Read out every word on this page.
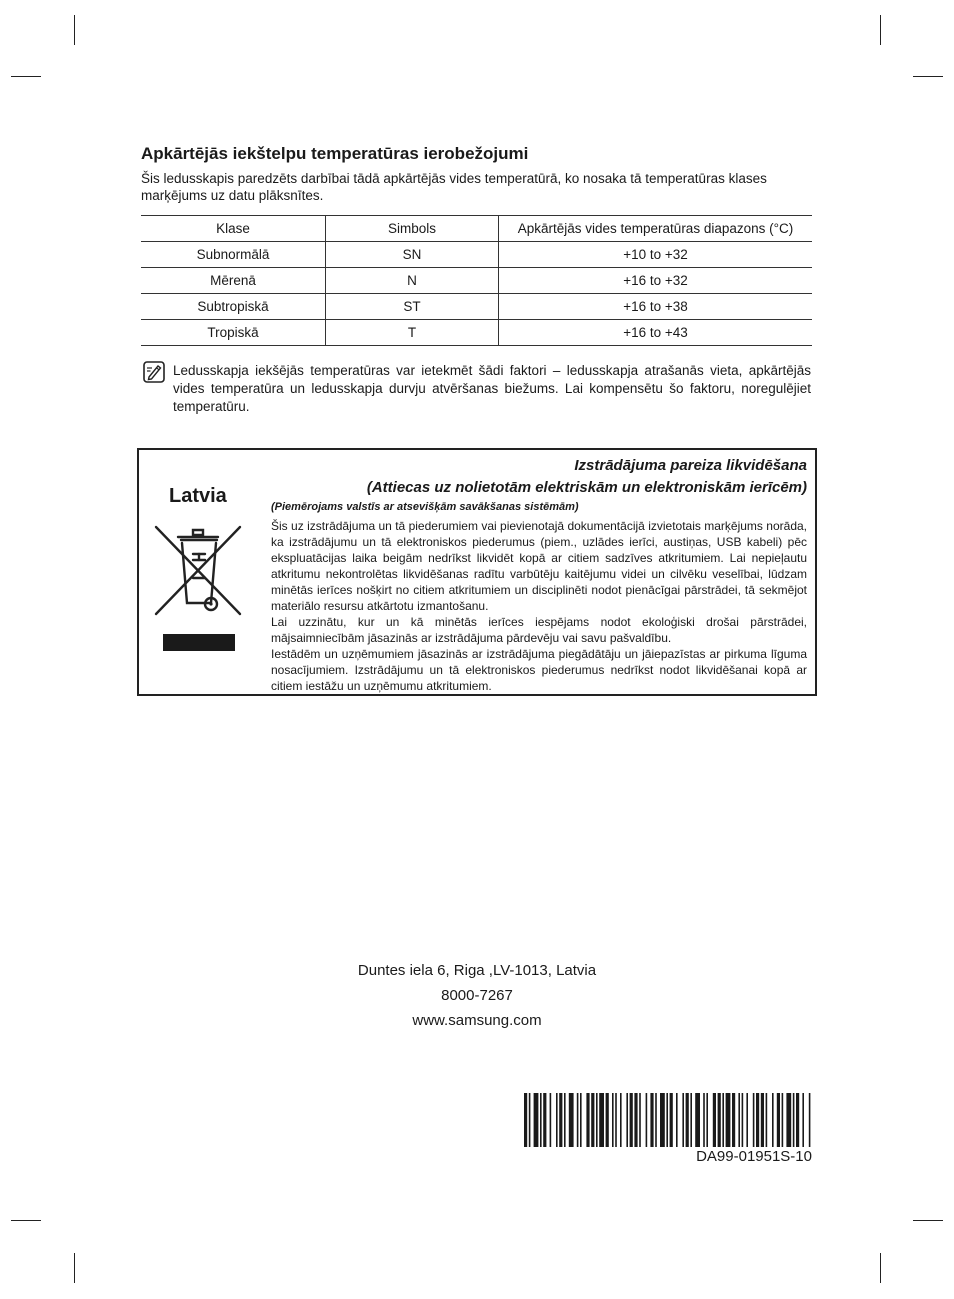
Apkārtējās iekštelpu temperatūras ierobežojumi
Šis ledusskapis paredzēts darbībai tādā apkārtējās vides temperatūrā, ko nosaka tā temperatūras klases marķējums uz datu plāksnītes.
Klase	Simbols	Apkārtējās vides temperatūras diapazons (°C)
Subnormālā	SN	+10 to +32
Mērenā	N	+16 to +32
Subtropiskā	ST	+16 to +38
Tropiskā	T	+16 to +43
Ledusskapja iekšējās temperatūras var ietekmēt šādi faktori – ledusskapja atrašanās vieta, apkārtējās vides temperatūra un ledusskapja durvju atvēršanas biežums. Lai kompensētu šo faktoru, noregulējiet temperatūru.
Latvia
Izstrādājuma pareiza likvidēšana
(Attiecas uz nolietotām elektriskām un elektroniskām ierīcēm)
(Piemērojams valstīs ar atsevišķām savākšanas sistēmām)

Šis uz izstrādājuma un tā piederumiem vai pievienotajā dokumentācijā izvietotais marķējums norāda, ka izstrādājumu un tā elektroniskos piederumus (piem., uzlādes ierīci, austiņas, USB kabeli) pēc ekspluatācijas laika beigām nedrīkst likvidēt kopā ar citiem sadzīves atkritumiem. Lai nepieļautu atkritumu nekontrolētas likvidēšanas radītu varbūtēju kaitējumu videi un cilvēku veselībai, lūdzam minētās ierīces nošķirt no citiem atkritumiem un disciplinēti nodot pienācīgai pārstrādei, tā sekmējot materiālo resursu atkārtotu izmantošanu.

Lai uzzinātu, kur un kā minētās ierīces iespējams nodot ekoloģiski drošai pārstrādei, mājsaimniecībām jāsazinās ar izstrādājuma pārdevēju vai savu pašvaldību.

Iestādēm un uzņēmumiem jāsazinās ar izstrādājuma piegādātāju un jāiepazīstas ar pirkuma līguma nosacījumiem. Izstrādājumu un tā elektroniskos piederumus nedrīkst nodot likvidēšanai kopā ar citiem iestāžu un uzņēmumu atkritumiem.

Duntes iela 6, Riga ,LV-1013, Latvia
8000-7267
www.samsung.com
DA99-01951S-10
